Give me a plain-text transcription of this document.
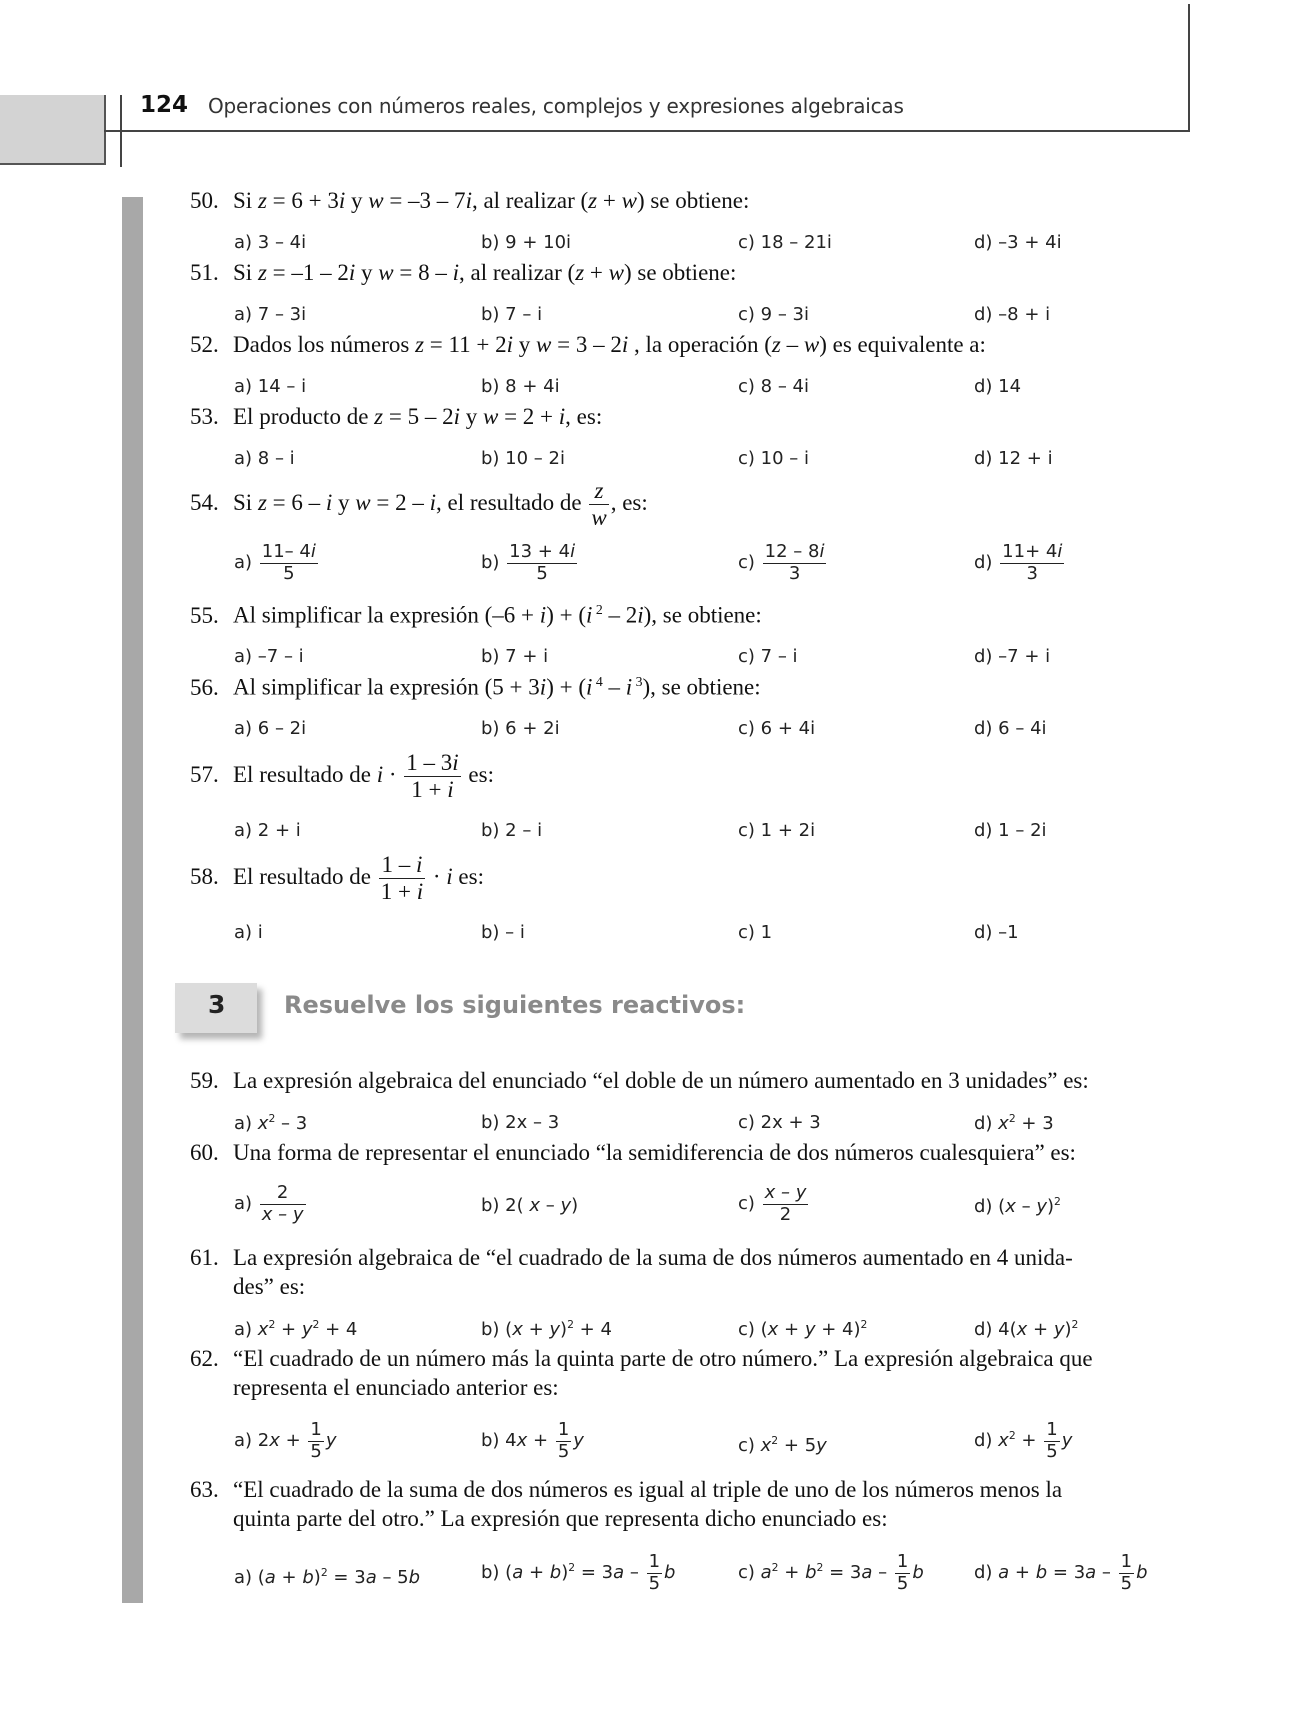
124 Operaciones con números reales, complejos y expresiones algebraicas
50. Si z = 6 + 3i y w = –3 – 7i, al realizar (z + w) se obtiene:
a) 3 – 4i	b) 9 + 10i	c) 18 – 21i	d) –3 + 4i
51. Si z = –1 – 2i y w = 8 – i, al realizar (z + w) se obtiene:
a) 7 – 3i	b) 7 – i	c) 9 – 3i	d) –8 + i
52. Dados los números z = 11 + 2i y w = 3 – 2i , la operación (z – w) es equivalente a:
a) 14 – i	b) 8 + 4i	c) 8 – 4i	d) 14
53. El producto de z = 5 – 2i y w = 2 + i, es:
a) 8 – i	b) 10 – 2i	c) 10 – i	d) 12 + i
54. Si z = 6 – i y w = 2 – i, el resultado de $\frac{z}{w}$ , es:
$a) \frac{11- 4i}{5}$	$b) \frac{13 + 4i}{5}$	$c) \frac{12 - 8i}{3}$	$d) \frac{11+ 4i}{3}$
55. Al simplificar la expresión (–6 + i) + (i $^2$ – 2i), se obtiene:
a) –7 – i	b) 7 + i	c) 7 – i	d) –7 + i
56. Al simplificar la expresión (5 + 3i) + (i $^4$ – i $^3$), se obtiene:
a) 6 – 2i	b) 6 + 2i	c) 6 + 4i	d) 6 – 4i
57. El resultado de $i \cdot \frac{1 - 3i}{1 + i}$ es:
a) 2 + i	b) 2 – i	c) 1 + 2i	d) 1 – 2i
58. El resultado de $\frac{1 - i}{1 + i} \cdot i$ es:
a) i	b) – i	c) 1	d) –1
59. La expresión algebraica del enunciado “el doble de un número aumentado en 3 unidades” es:
a) $x^2 - 3$	b) 2x – 3	c) 2x + 3	d) $x^2 + 3$
60. Una forma de representar el enunciado “la semidiferencia de dos números cualesquiera” es:
$a) \frac{2}{x - y}$	b) 2( x – y)	$c) \frac{x - y}{2}$	d) (x – y)$^2$
61. La expresión algebraica de “el cuadrado de la suma de dos números aumentado en 4 unida-
des” es:
a) $x^2 + y^2 + 4$	b) $(x + y)^2 + 4$	c) $(x + y + 4)^2$	d) $4(x + y)^2$
62. “El cuadrado de un número más la quinta parte de otro número.” La expresión algebraica que
representa el enunciado anterior es:
a) $2x + \frac{1}{5}$ y	b) $4x + \frac{1}{5}$ y	c) $x^2 + 5y$	d) $x^2 + \frac{1}{5}$ y
63. “El cuadrado de la suma de dos números es igual al triple de uno de los números menos la
quinta parte del otro.” La expresión que representa dicho enunciado es:
a) $(a + b)^2 = 3a - 5b$	b) $(a + b)^2 = 3a - \frac{1}{5}$ b	c) $a^2 + b^2 = 3a - \frac{1}{5}$ b	d) $a + b = 3a - \frac{1}{5}$ b
3 Resuelve los siguientes reactivos:
